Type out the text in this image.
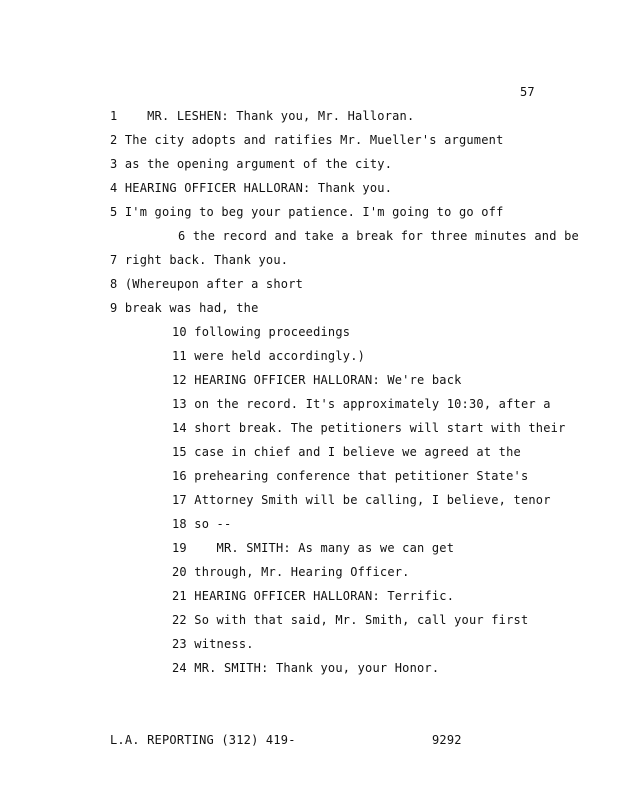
57
1    MR. LESHEN: Thank you, Mr. Halloran.
2 The city adopts and ratifies Mr. Mueller's argument
3 as the opening argument of the city.
4 HEARING OFFICER HALLORAN: Thank you.
5 I'm going to beg your patience. I'm going to go off
6 the record and take a break for three minutes and be
7 right back. Thank you.
8 (Whereupon after a short
9 break was had, the
10 following proceedings
11 were held accordingly.)
12 HEARING OFFICER HALLORAN: We're back
13 on the record. It's approximately 10:30, after a
14 short break. The petitioners will start with their
15 case in chief and I believe we agreed at the
16 prehearing conference that petitioner State's
17 Attorney Smith will be calling, I believe, tenor
18 so --
19    MR. SMITH: As many as we can get
20 through, Mr. Hearing Officer.
21 HEARING OFFICER HALLORAN: Terrific.
22 So with that said, Mr. Smith, call your first
23 witness.
24 MR. SMITH: Thank you, your Honor.
L.A. REPORTING (312) 419-	9292
